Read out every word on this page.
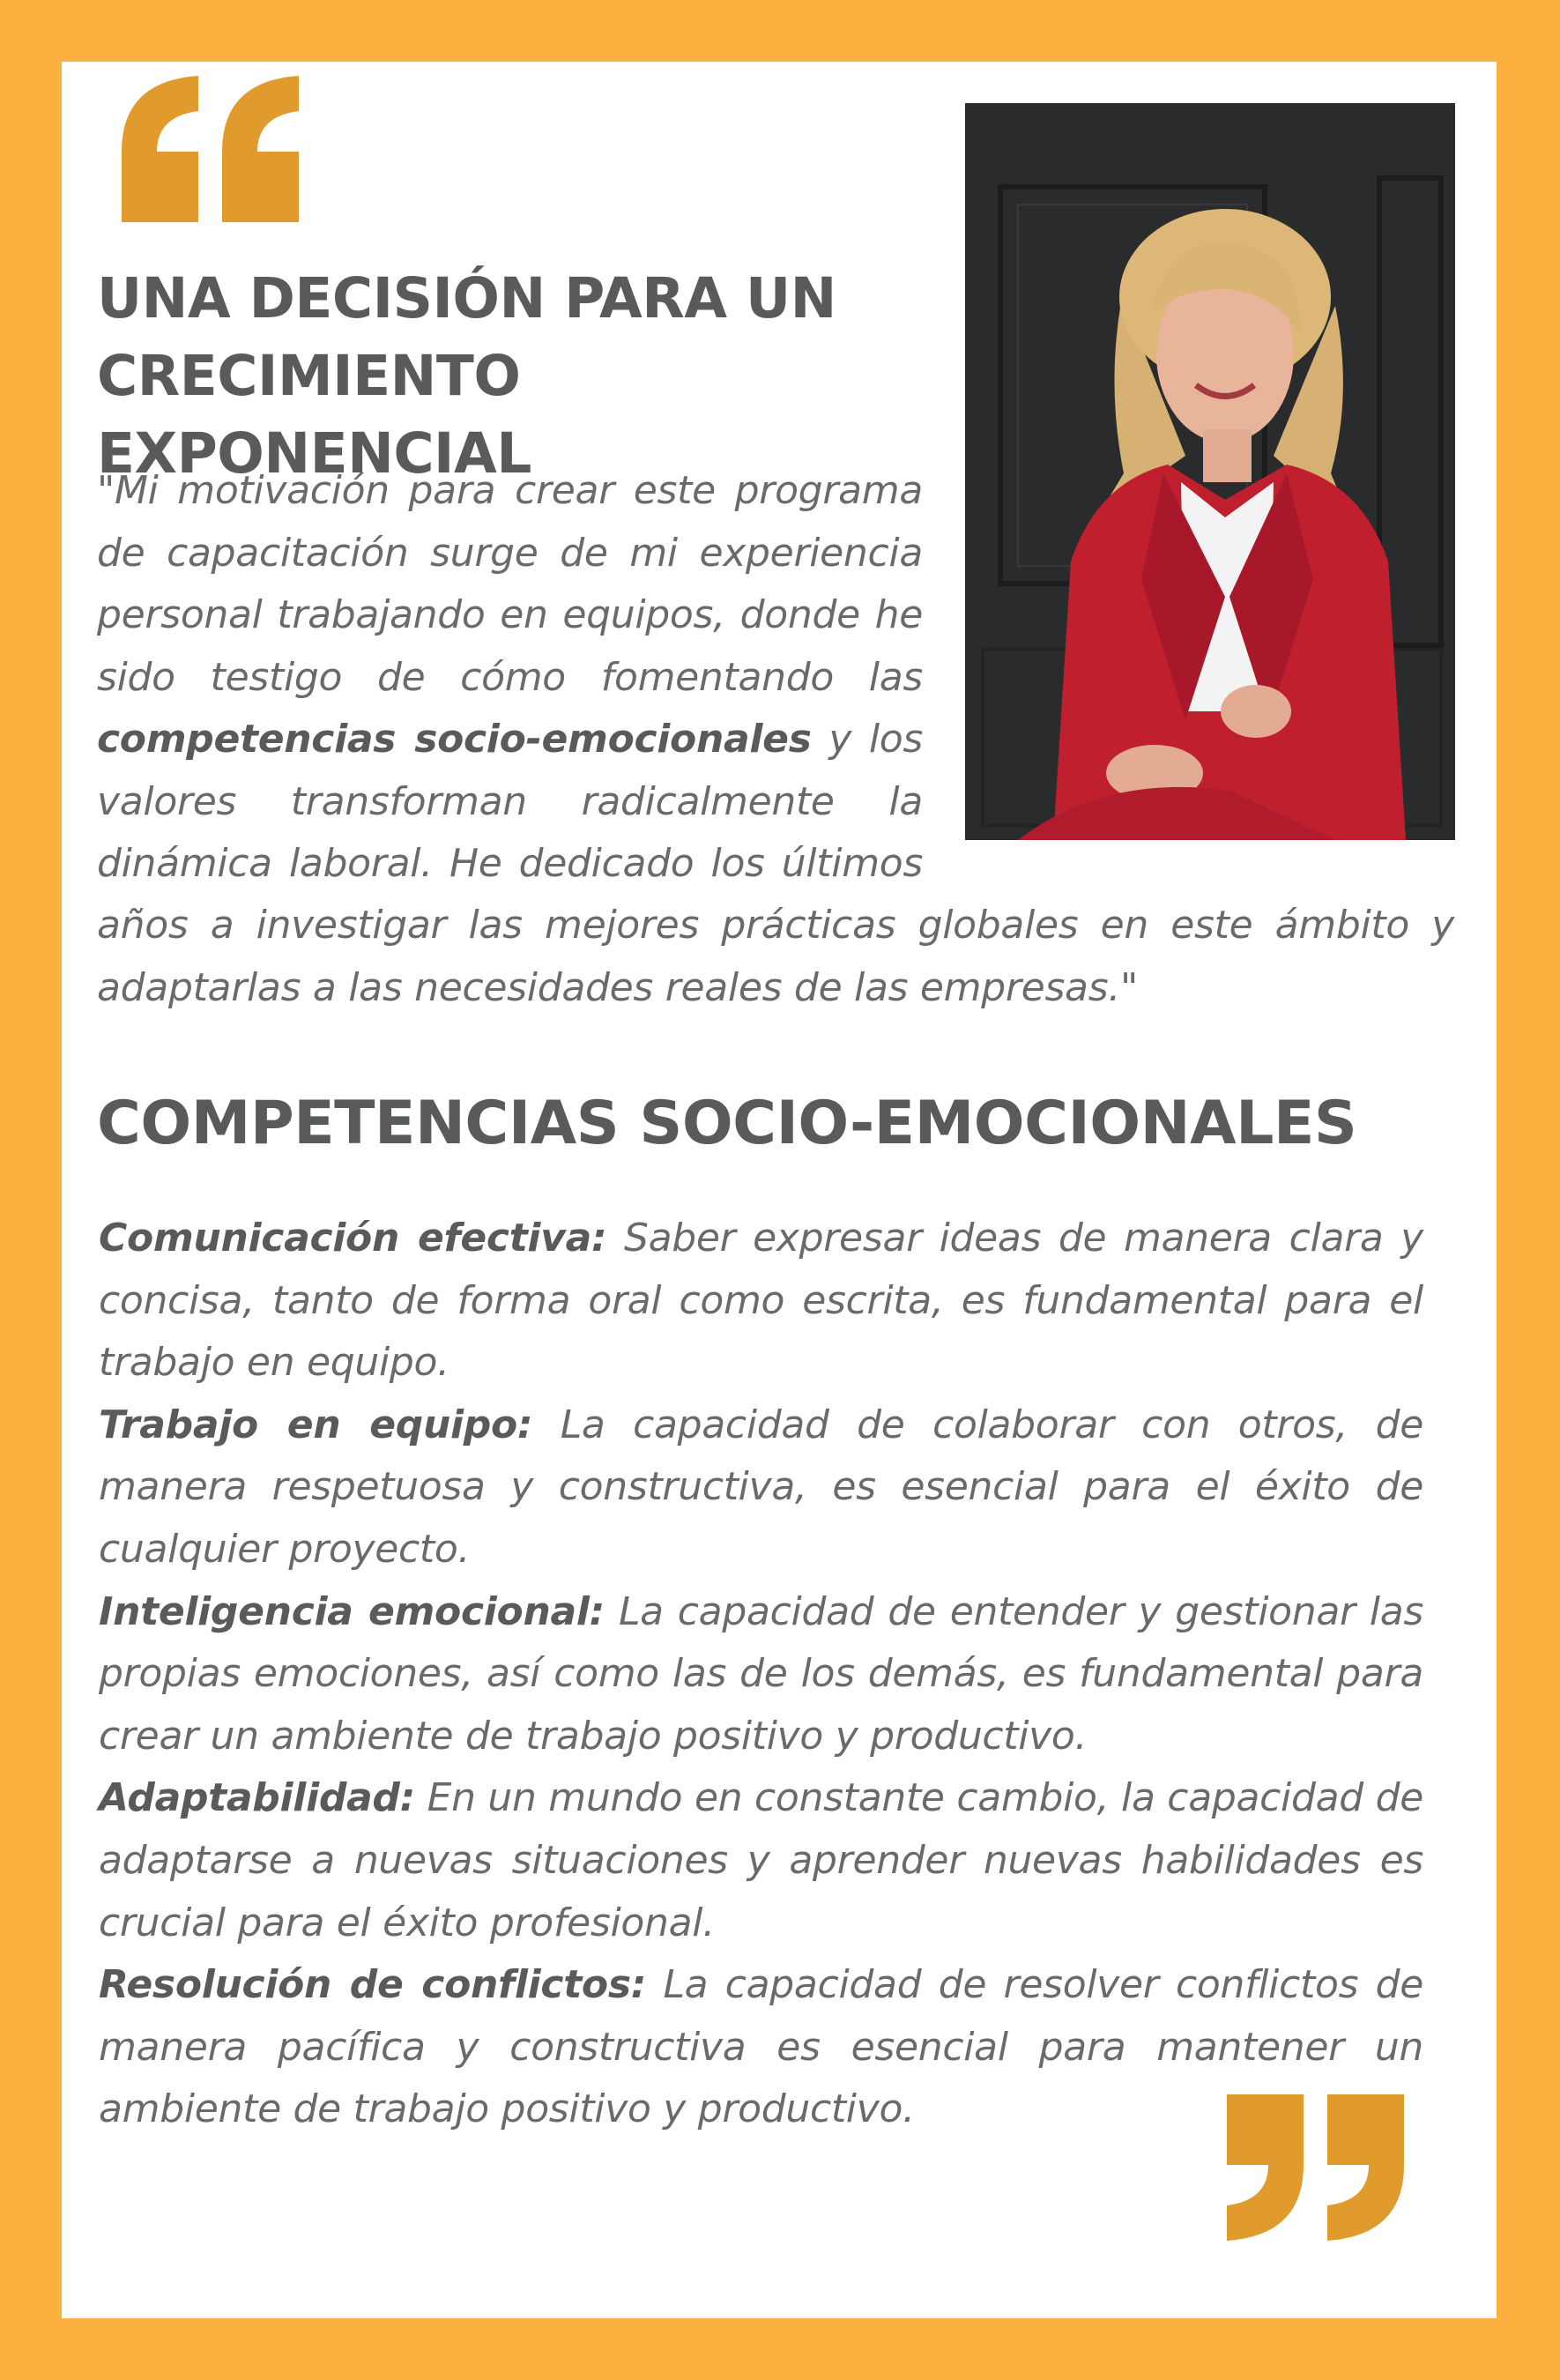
UNA DECISIÓN PARA UN
CRECIMIENTO EXPONENCIAL
"Mi motivación para crear este programa
de capacitación surge de mi experiencia
personal trabajando en equipos, donde he
sido testigo de cómo fomentando las
competencias socio-emocionales y los
valores transforman radicalmente la
dinámica laboral. He dedicado los últimos
años a investigar las mejores prácticas globales en este ámbito y
adaptarlas a las necesidades reales de las empresas."
COMPETENCIAS SOCIO-EMOCIONALES

Comunicación efectiva: Saber expresar ideas de manera clara y concisa, tanto de forma oral como escrita, es fundamental para el trabajo en equipo.

Trabajo en equipo: La capacidad de colaborar con otros, de manera respetuosa y constructiva, es esencial para el éxito de cualquier proyecto.

Inteligencia emocional: La capacidad de entender y gestionar las propias emociones, así como las de los demás, es fundamental para crear un ambiente de trabajo positivo y productivo.

Adaptabilidad: En un mundo en constante cambio, la capacidad de adaptarse a nuevas situaciones y aprender nuevas habilidades es crucial para el éxito profesional.

Resolución de conflictos: La capacidad de resolver conflictos de manera pacífica y constructiva es esencial para mantener un ambiente de trabajo positivo y productivo.
